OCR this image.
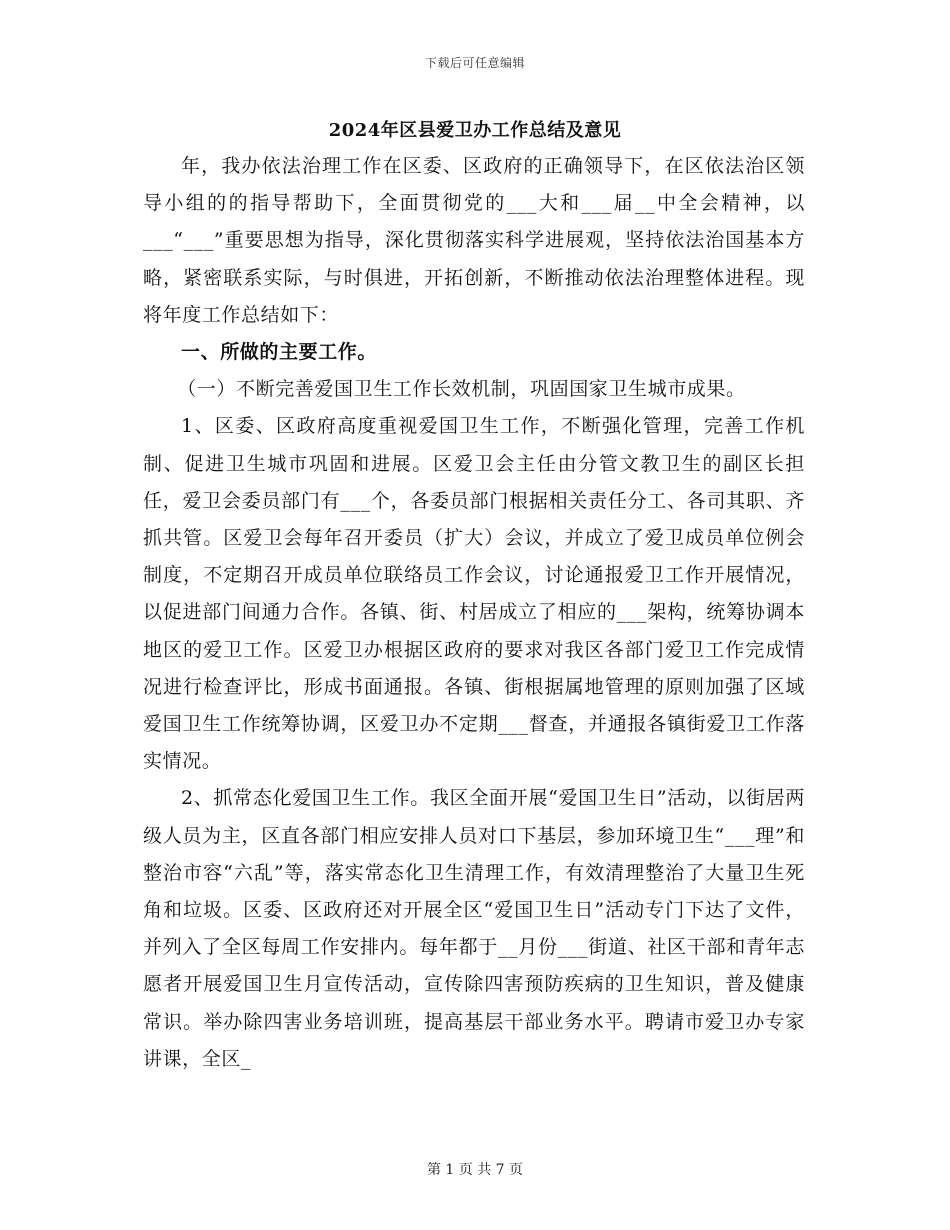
下载后可任意编辑
2024年区县爱卫办工作总结及意见

年，我办依法治理工作在区委、区政府的正确领导下，在区依法治区领导小组的的指导帮助下，全面贯彻党的___大和___届__中全会精神，以___“___”重要思想为指导，深化贯彻落实科学进展观，坚持依法治国基本方略，紧密联系实际，与时俱进，开拓创新，不断推动依法治理整体进程。现将年度工作总结如下：

一、所做的主要工作。

（一）不断完善爱国卫生工作长效机制，巩固国家卫生城市成果。

1、区委、区政府高度重视爱国卫生工作，不断强化管理，完善工作机制、促进卫生城市巩固和进展。区爱卫会主任由分管文教卫生的副区长担任，爱卫会委员部门有___个，各委员部门根据相关责任分工、各司其职、齐抓共管。区爱卫会每年召开委员（扩大）会议，并成立了爱卫成员单位例会制度，不定期召开成员单位联络员工作会议，讨论通报爱卫工作开展情况，以促进部门间通力合作。各镇、街、村居成立了相应的___架构，统筹协调本地区的爱卫工作。区爱卫办根据区政府的要求对我区各部门爱卫工作完成情况进行检查评比，形成书面通报。各镇、街根据属地管理的原则加强了区域爱国卫生工作统筹协调，区爱卫办不定期___督查，并通报各镇街爱卫工作落实情况。

2、抓常态化爱国卫生工作。我区全面开展“爱国卫生日”活动，以街居两级人员为主，区直各部门相应安排人员对口下基层，参加环境卫生“___理”和整治市容“六乱”等，落实常态化卫生清理工作，有效清理整治了大量卫生死角和垃圾。区委、区政府还对开展全区“爱国卫生日”活动专门下达了文件，并列入了全区每周工作安排内。每年都于__月份___街道、社区干部和青年志愿者开展爱国卫生月宣传活动，宣传除四害预防疾病的卫生知识，普及健康常识。举办除四害业务培训班，提高基层干部业务水平。聘请市爱卫办专家讲课，全区_

第 1 页 共 7 页
